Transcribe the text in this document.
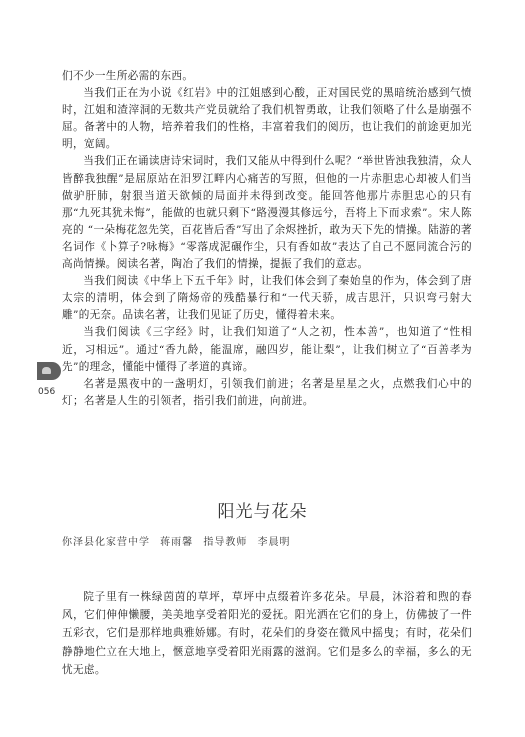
们不少一生所必需的东西。

当我们正在为小说《红岩》中的江姐感到心酸，正对国民党的黑暗统治感到气愤时，江姐和渣滓洞的无数共产党员就给了我们机智勇敢，让我们领略了什么是崩强不屈。备著中的人物，培养着我们的性格，丰富着我们的阅历，也让我们的前途更加光明，宽阔。

当我们正在诵读唐诗宋词时，我们又能从中得到什么呢？“举世皆浊我独清，众人皆醉我独醒”是屈原站在汨罗江畔内心痛苦的写照，但他的一片赤胆忠心却被人们当做驴肝肺，射狠当道天欲倾的局面并未得到改变。能回答他那片赤胆忠心的只有那“九死其犹未悔”，能做的也就只剩下“路漫漫其修远兮，吾将上下而求索”。宋人陈亮的 “一朵梅花忽先笑，百花皆后香”写出了余烬挫折，敢为天下先的情操。陆游的著名词作《卜算子?咏梅》“零落成泥碾作尘，只有香如故”表达了自己不愿同流合污的高尚情操。阅读名著，陶冶了我们的情操，提振了我们的意志。

当我们阅读《中华上下五千年》时，让我们体会到了秦始皇的作为，体会到了唐太宗的清明，体会到了隋炀帝的残酷暴行和“一代天骄，成吉思汗，只识弯弓射大雕”的无奈。品读名著，让我们见证了历史，懂得着未来。

当我们阅读《三字经》时，让我们知道了“人之初，性本善”，也知道了“性相近，习相远”。通过“香九龄，能温席，融四岁，能让梨”，让我们树立了“百善孝为先”的理念，懂能中懂得了孝道的真谛。

名著是黑夜中的一盏明灯，引领我们前进；名著是星星之火，点燃我们心中的灯；名著是人生的引领者，指引我们前进，向前进。

056
阳光与花朵
你泽县化家营中学 蒋雨馨 指导教师 李晨明

院子里有一株绿茵茵的草坪，草坪中点缀着许多花朵。早晨，沐浴着和煦的春风，它们伸伸懒腰，美美地享受着阳光的爱抚。阳光洒在它们的身上，仿佛披了一件五彩衣，它们是那样地典雅娇娜。有时，花朵们的身姿在微风中摇曳；有时，花朵们静静地伫立在大地上，愜意地享受着阳光雨露的滋润。它们是多么的幸福，多么的无忧无虑。
